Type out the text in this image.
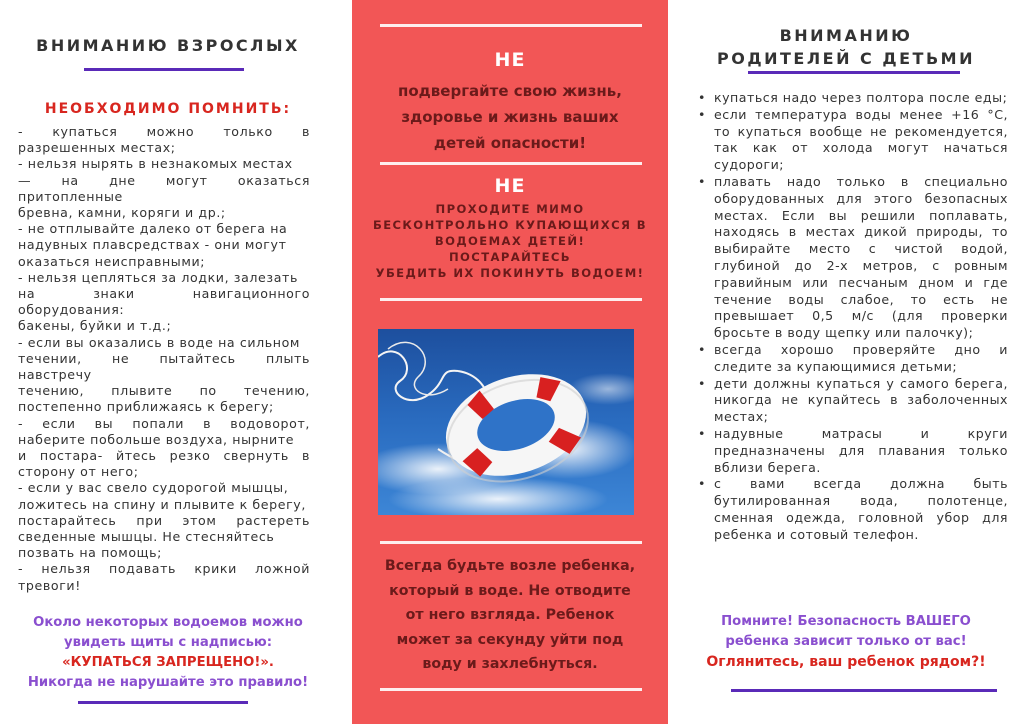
ВНИМАНИЮ ВЗРОСЛЫХ
НЕОБХОДИМО ПОМНИТЬ:
- купаться можно только в
разрешенных местах;
- нельзя нырять в незнакомых местах
— на дне могут оказаться
притопленные
бревна, камни, коряги и др.;
- не отплывайте далеко от берега на
надувных плавсредствах - они могут
оказаться неисправными;
- нельзя цепляться за лодки, залезать
на знаки навигационного
оборудования:
бакены, буйки и т.д.;
- если вы оказались в воде на сильном
течении, не пытайтесь плыть
навстречу
течению, плывите по течению,
постепенно приближаясь к берегу;
- если вы попали в водоворот,
наберите побольше воздуха, нырните
и постара- йтесь резко свернуть в
сторону от него;
- если у вас свело судорогой мышцы,
ложитесь на спину и плывите к берегу,
постарайтесь при этом растереть
сведенные мышцы. Не стесняйтесь
позвать на помощь;
- нельзя подавать крики ложной
тревоги!
Около некоторых водоемов можно
увидеть щиты с надписью:
«КУПАТЬСЯ ЗАПРЕЩЕНО!».
Никогда не нарушайте это правило!
НЕ
подвергайте свою жизнь,
здоровье и жизнь ваших
детей опасности!
НЕ
ПРОХОДИТЕ МИМО
БЕСКОНТРОЛЬНО КУПАЮЩИХСЯ В
ВОДОЕМАХ ДЕТЕЙ!
ПОСТАРАЙТЕСЬ
УБЕДИТЬ ИХ ПОКИНУТЬ ВОДОЕМ!
Всегда будьте возле ребенка,
который в воде. Не отводите
от него взгляда. Ребенок
может за секунду уйти под
воду и захлебнуться.
ВНИМАНИЮ
РОДИТЕЛЕЙ С ДЕТЬМИ
• купаться надо через полтора после еды;
• если температура воды менее +16 °С, то купаться вообще не рекомендуется, так как от холода могут начаться судороги;
• плавать надо только в специально оборудованных для этого безопасных местах. Если вы решили поплавать, находясь в местах дикой природы, то выбирайте место с чистой водой, глубиной до 2-х метров, с ровным гравийным или песчаным дном и где течение воды слабое, то есть не превышает 0,5 м/с (для проверки бросьте в воду щепку или палочку);
• всегда хорошо проверяйте дно и следите за купающимися детьми;
• дети должны купаться у самого берега, никогда не купайтесь в заболоченных местах;
• надувные матрасы и круги предназначены для плавания только вблизи берега.
• с вами всегда должна быть бутилированная вода, полотенце, сменная одежда, головной убор для ребенка и сотовый телефон.
Помните! Безопасность ВАШЕГО
ребенка зависит только от вас!
Оглянитесь, ваш ребенок рядом?!
